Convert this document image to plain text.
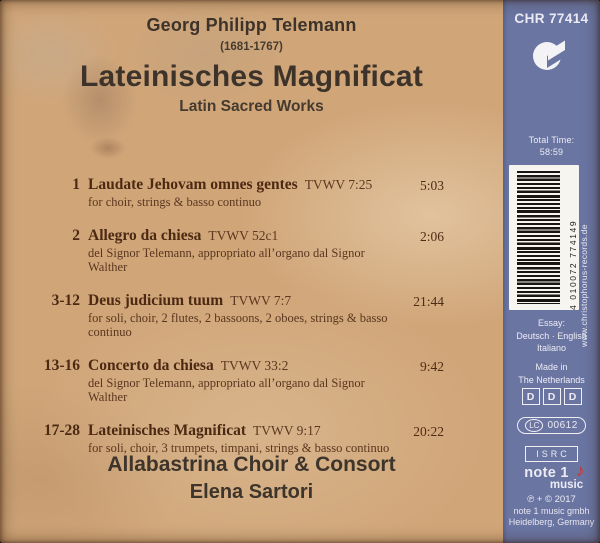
Georg Philipp Telemann
(1681-1767)
Lateinisches Magnificat
Latin Sacred Works
1 Laudate Jehovam omnes gentes TVWV 7:25
for choir, strings & basso continuo
5:03
2 Allegro da chiesa TVWV 52c1
del Signor Telemann, appropriato all’organo dal Signor Walther
2:06
3-12 Deus judicium tuum TVWV 7:7
for soli, choir, 2 flutes, 2 bassoons, 2 oboes, strings & basso continuo
21:44
13-16 Concerto da chiesa TVWV 33:2
del Signor Telemann, appropriato all’organo dal Signor Walther
9:42
17-28 Lateinisches Magnificat TVWV 9:17
for soli, choir, 3 trumpets, timpani, strings & basso continuo
20:22
Allabastrina Choir & Consort
Elena Sartori
CHR 77414
Total Time:
58:59
4 010072 774149 www.christophorus-records.de
Essay:
Deutsch · English
Italiano
Made in
The Netherlands
D	D	D
LC 00612
ISRC
note 1 ♪
music
℗ + © 2017
note 1 music gmbh
Heidelberg, Germany
